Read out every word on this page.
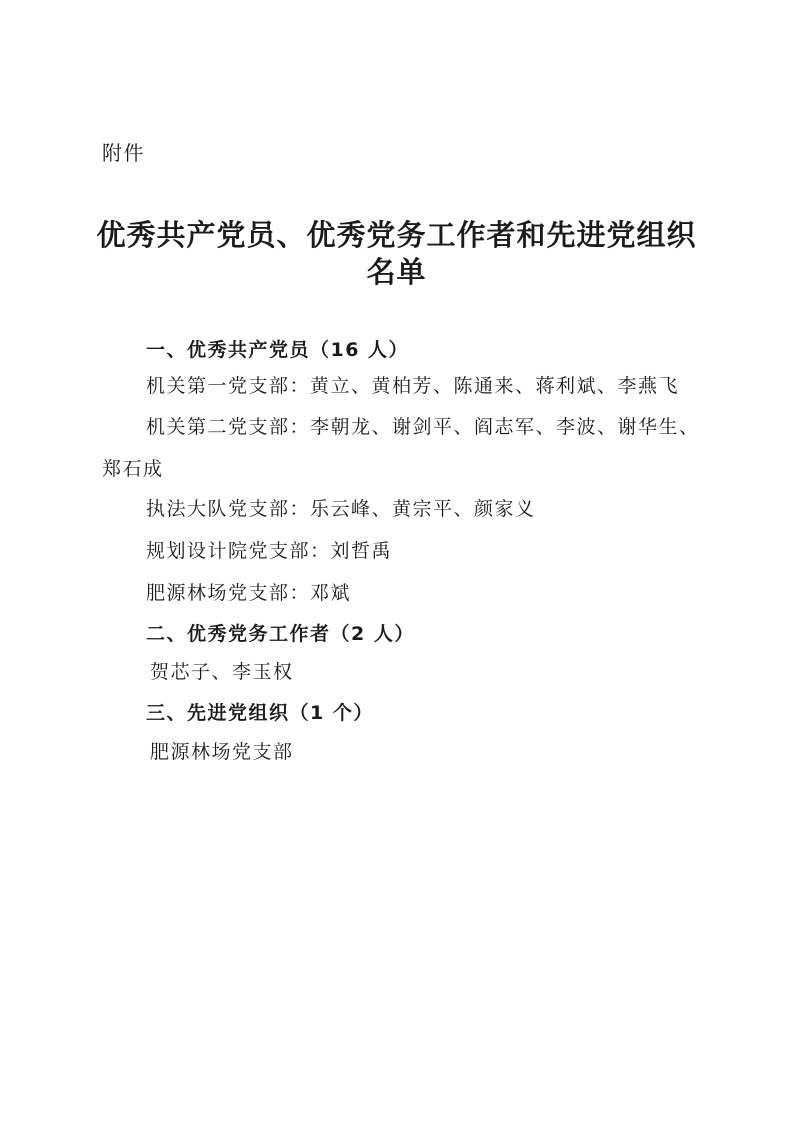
附件
优秀共产党员、优秀党务工作者和先进党组织
名单
一、优秀共产党员（16 人）
机关第一党支部：黄立、黄柏芳、陈通来、蒋利斌、李燕飞
机关第二党支部：李朝龙、谢剑平、阎志军、李波、谢华生、
郑石成
执法大队党支部：乐云峰、黄宗平、颜家义
规划设计院党支部：刘哲禹
肥源林场党支部：邓斌
二、优秀党务工作者（2 人）
贺芯子、李玉权
三、先进党组织（1 个）
肥源林场党支部
